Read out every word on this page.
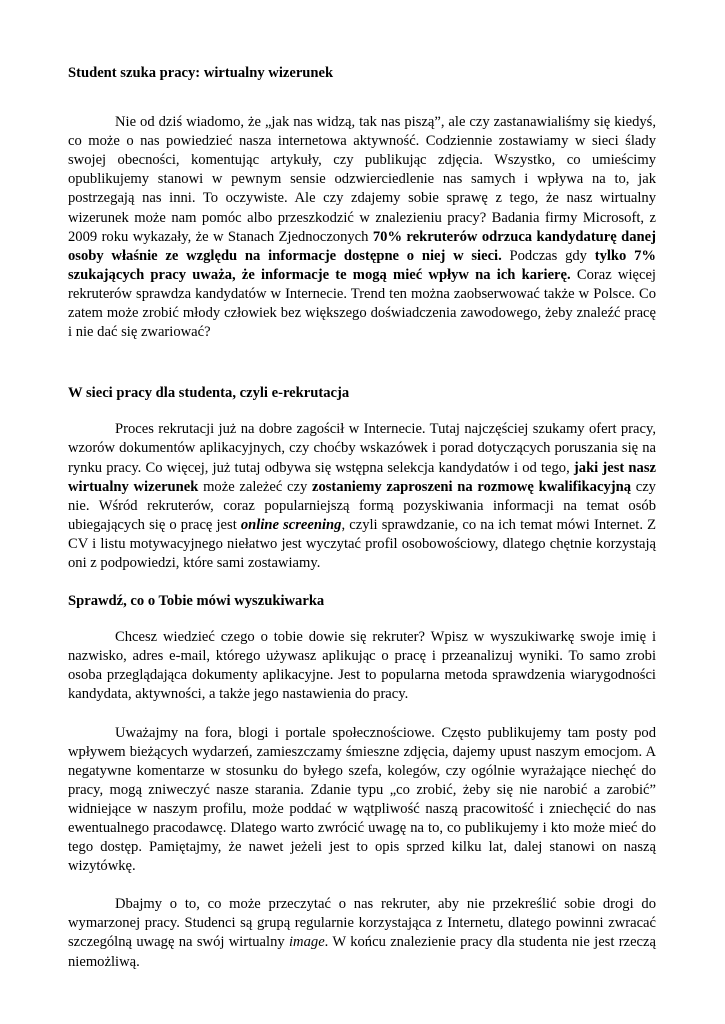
Student szuka pracy: wirtualny wizerunek

Nie od dziś wiadomo, że „jak nas widzą, tak nas piszą”, ale czy zastanawialiśmy się kiedyś, co może o nas powiedzieć nasza internetowa aktywność. Codziennie zostawiamy w sieci ślady swojej obecności, komentując artykuły, czy publikując zdjęcia. Wszystko, co umieścimy opublikujemy stanowi w pewnym sensie odzwierciedlenie nas samych i wpływa na to, jak postrzegają nas inni. To oczywiste. Ale czy zdajemy sobie sprawę z tego, że nasz wirtualny wizerunek może nam pomóc albo przeszkodzić w znalezieniu pracy? Badania firmy Microsoft, z 2009 roku wykazały, że w Stanach Zjednoczonych 70% rekruterów odrzuca kandydaturę danej osoby właśnie ze względu na informacje dostępne o niej w sieci. Podczas gdy tylko 7% szukających pracy uważa, że informacje te mogą mieć wpływ na ich karierę. Coraz więcej rekruterów sprawdza kandydatów w Internecie. Trend ten można zaobserwować także w Polsce. Co zatem może zrobić młody człowiek bez większego doświadczenia zawodowego, żeby znaleźć pracę i nie dać się zwariować?

W sieci pracy dla studenta, czyli e-rekrutacja

Proces rekrutacji już na dobre zagościł w Internecie. Tutaj najczęściej szukamy ofert pracy, wzorów dokumentów aplikacyjnych, czy choćby wskazówek i porad dotyczących poruszania się na rynku pracy. Co więcej, już tutaj odbywa się wstępna selekcja kandydatów i od tego, jaki jest nasz wirtualny wizerunek może zależeć czy zostaniemy zaproszeni na rozmowę kwalifikacyjną czy nie. Wśród rekruterów, coraz popularniejszą formą pozyskiwania informacji na temat osób ubiegających się o pracę jest online screening, czyli sprawdzanie, co na ich temat mówi Internet. Z CV i listu motywacyjnego niełatwo jest wyczytać profil osobowościowy, dlatego chętnie korzystają oni z podpowiedzi, które sami zostawiamy.

Sprawdź, co o Tobie mówi wyszukiwarka

Chcesz wiedzieć czego o tobie dowie się rekruter? Wpisz w wyszukiwarkę swoje imię i nazwisko, adres e-mail, którego używasz aplikując o pracę i przeanalizuj wyniki. To samo zrobi osoba przeglądająca dokumenty aplikacyjne. Jest to popularna metoda sprawdzenia wiarygodności kandydata, aktywności, a także jego nastawienia do pracy.

Uważajmy na fora, blogi i portale społecznościowe. Często publikujemy tam posty pod wpływem bieżących wydarzeń, zamieszczamy śmieszne zdjęcia, dajemy upust naszym emocjom. A negatywne komentarze w stosunku do byłego szefa, kolegów, czy ogólnie wyrażające niechęć do pracy, mogą zniweczyć nasze starania. Zdanie typu „co zrobić, żeby się nie narobić a zarobić” widniejące w naszym profilu, może poddać w wątpliwość naszą pracowitość i zniechęcić do nas ewentualnego pracodawcę. Dlatego warto zwrócić uwagę na to, co publikujemy i kto może mieć do tego dostęp. Pamiętajmy, że nawet jeżeli jest to opis sprzed kilku lat, dalej stanowi on naszą wizytówkę.

Dbajmy o to, co może przeczytać o nas rekruter, aby nie przekreślić sobie drogi do wymarzonej pracy. Studenci są grupą regularnie korzystająca z Internetu, dlatego powinni zwracać szczególną uwagę na swój wirtualny image. W końcu znalezienie pracy dla studenta nie jest rzeczą niemożliwą.
